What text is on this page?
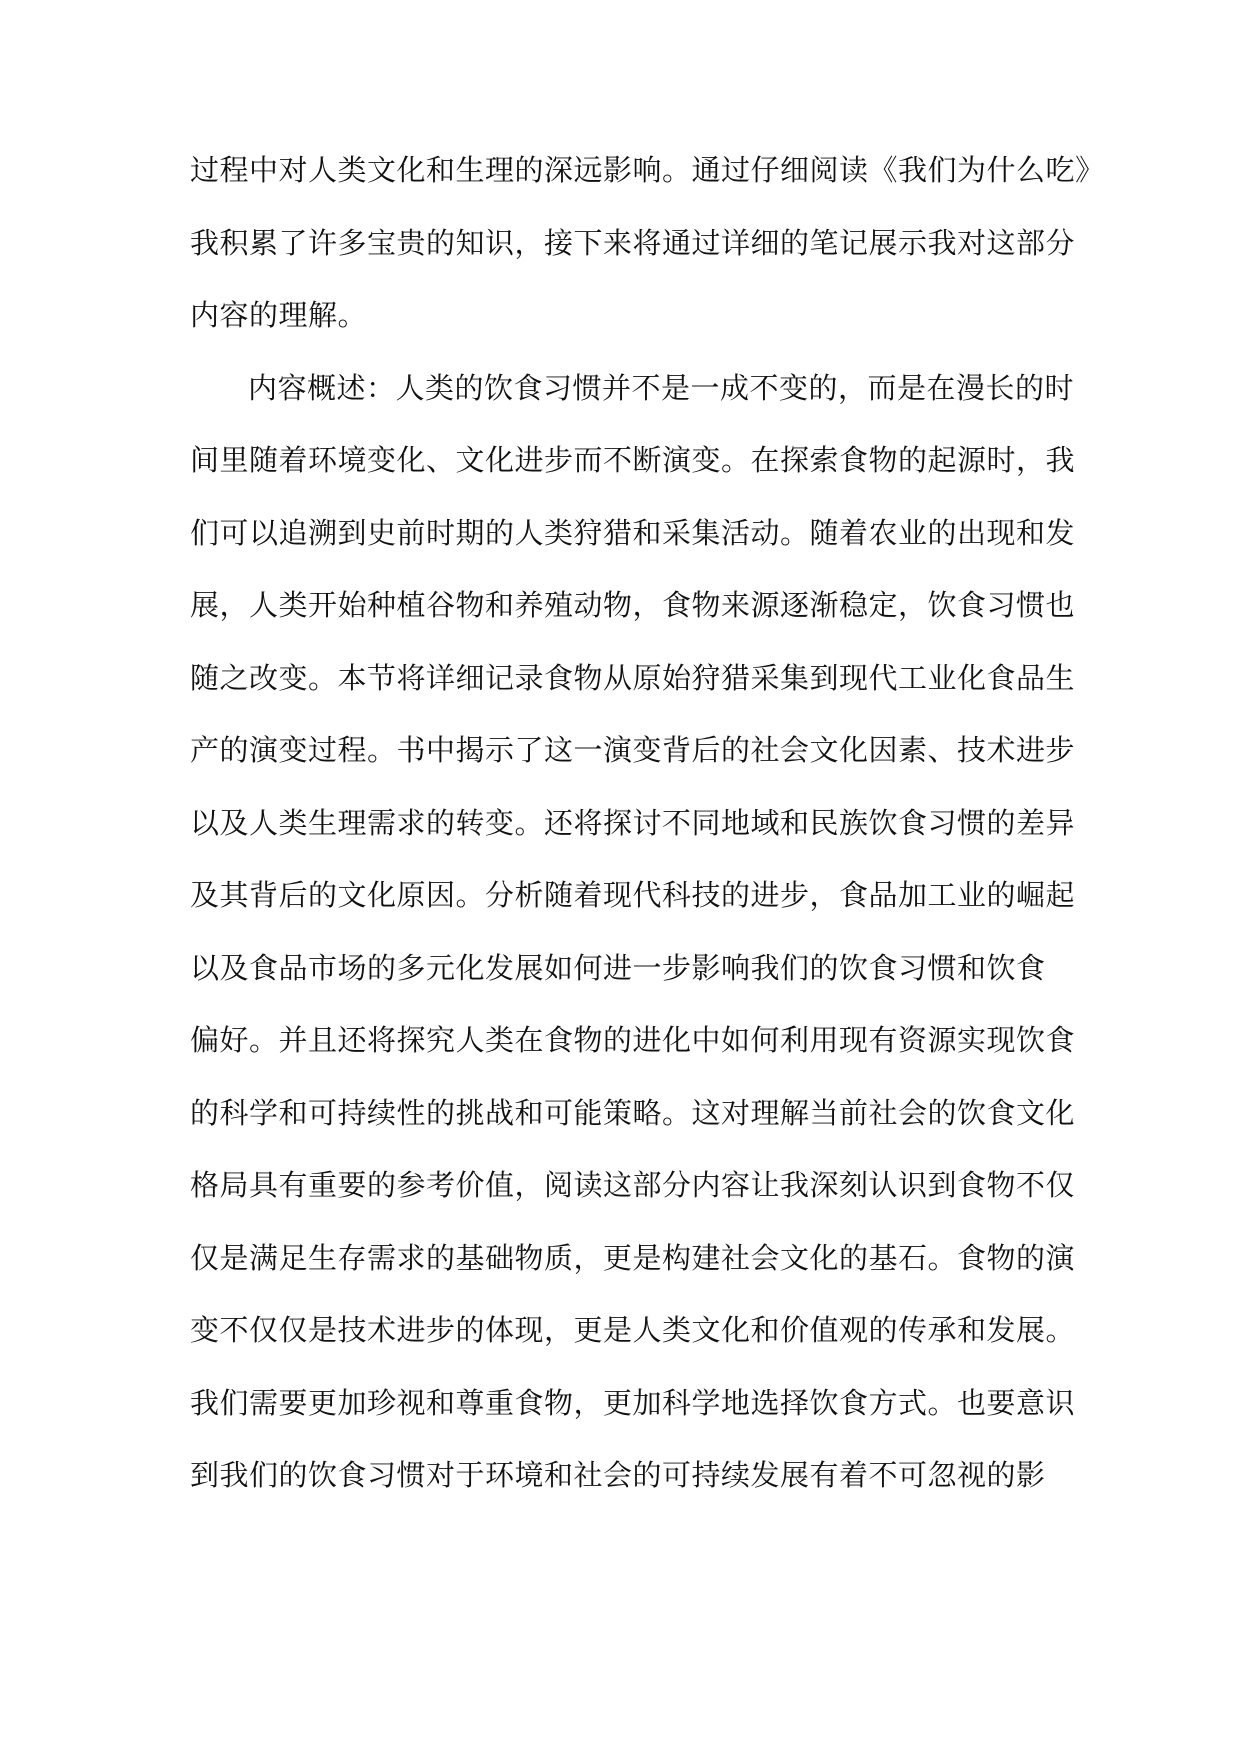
过程中对人类文化和生理的深远影响。通过仔细阅读《我们为什么吃》
我积累了许多宝贵的知识，接下来将通过详细的笔记展示我对这部分
内容的理解。
内容概述：人类的饮食习惯并不是一成不变的，而是在漫长的时
间里随着环境变化、文化进步而不断演变。在探索食物的起源时，我
们可以追溯到史前时期的人类狩猎和采集活动。随着农业的出现和发
展，人类开始种植谷物和养殖动物，食物来源逐渐稳定，饮食习惯也
随之改变。本节将详细记录食物从原始狩猎采集到现代工业化食品生
产的演变过程。书中揭示了这一演变背后的社会文化因素、技术进步
以及人类生理需求的转变。还将探讨不同地域和民族饮食习惯的差异
及其背后的文化原因。分析随着现代科技的进步，食品加工业的崛起
以及食品市场的多元化发展如何进一步影响我们的饮食习惯和饮食
偏好。并且还将探究人类在食物的进化中如何利用现有资源实现饮食
的科学和可持续性的挑战和可能策略。这对理解当前社会的饮食文化
格局具有重要的参考价值，阅读这部分内容让我深刻认识到食物不仅
仅是满足生存需求的基础物质，更是构建社会文化的基石。食物的演
变不仅仅是技术进步的体现，更是人类文化和价值观的传承和发展。
我们需要更加珍视和尊重食物，更加科学地选择饮食方式。也要意识
到我们的饮食习惯对于环境和社会的可持续发展有着不可忽视的影
